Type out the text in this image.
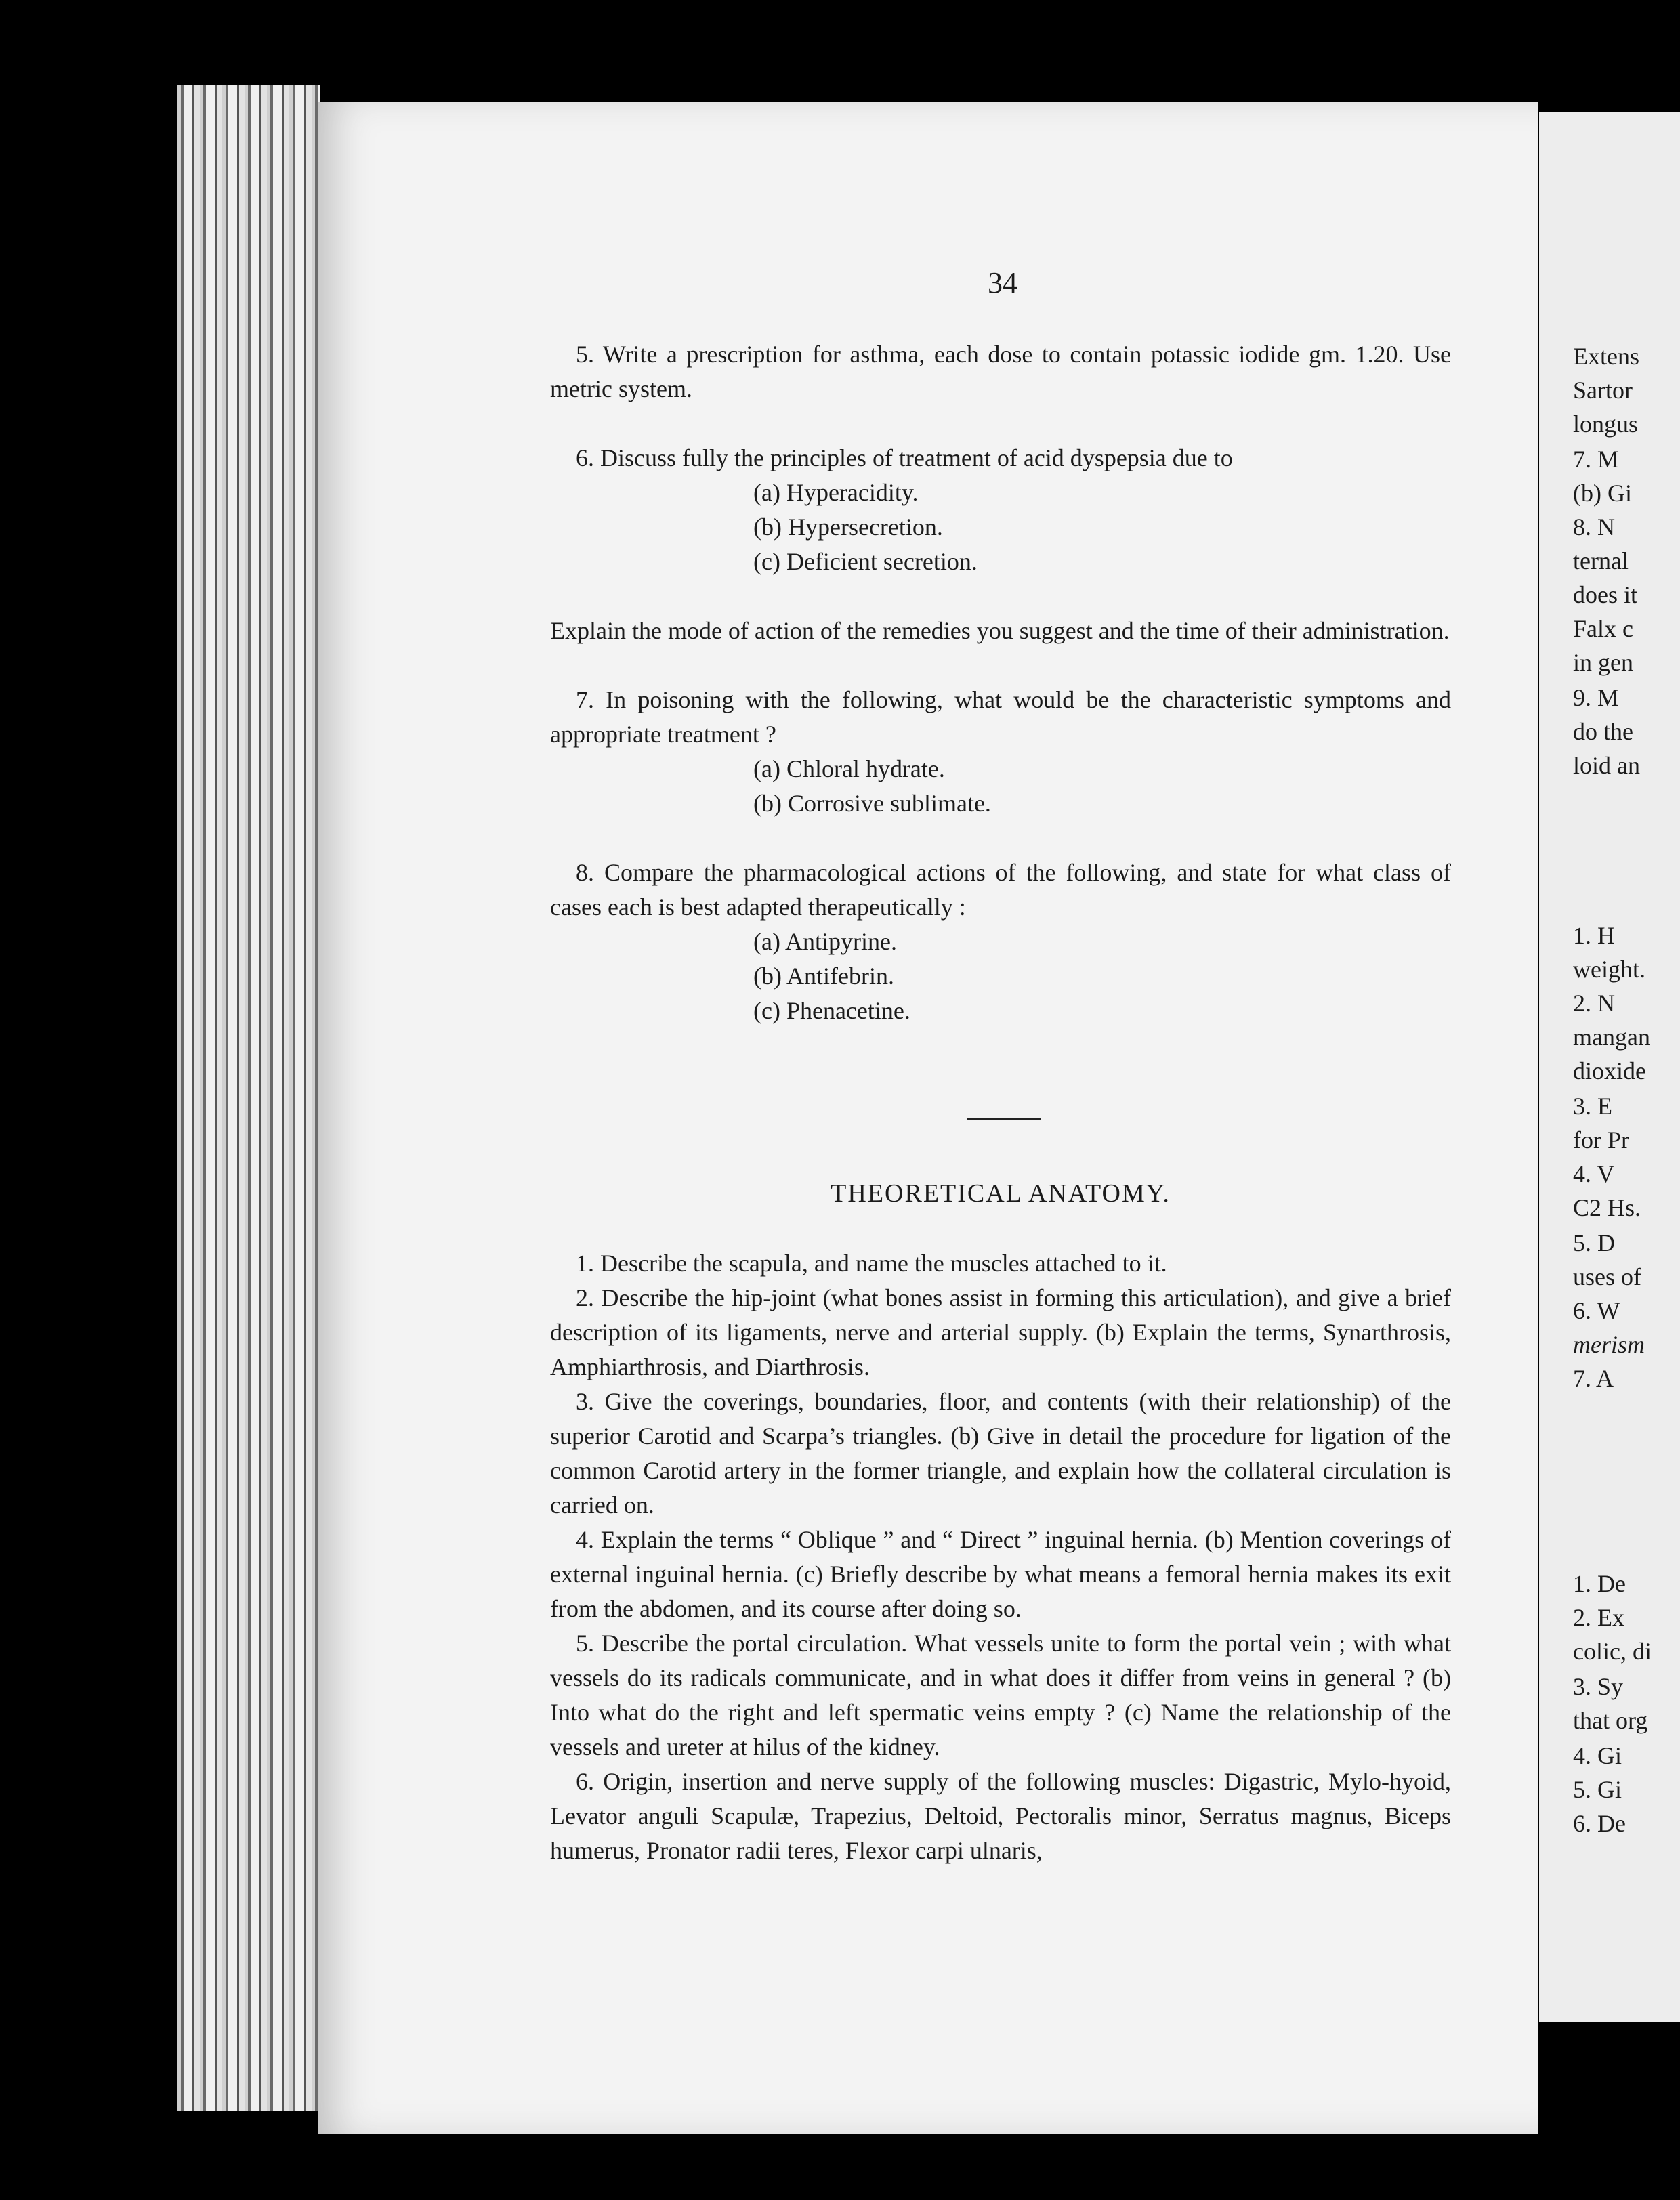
34

5. Write a prescription for asthma, each dose to contain potassic iodide gm. 1.20. Use metric system.

6. Discuss fully the principles of treatment of acid dyspepsia due to

(a) Hyperacidity.
(b) Hypersecretion.
(c) Deficient secretion.

Explain the mode of action of the remedies you suggest and the time of their administration.

7. In poisoning with the following, what would be the characteristic symptoms and appropriate treatment ?

(a) Chloral hydrate.
(b) Corrosive sublimate.

8. Compare the pharmacological actions of the following, and state for what class of cases each is best adapted therapeutically :

(a) Antipyrine.
(b) Antifebrin.
(c) Phenacetine.
THEORETICAL ANATOMY.

1. Describe the scapula, and name the muscles attached to it.

2. Describe the hip-joint (what bones assist in forming this articulation), and give a brief description of its ligaments, nerve and arterial supply. (b) Explain the terms, Synarthrosis, Amphiarthrosis, and Diarthrosis.

3. Give the coverings, boundaries, floor, and contents (with their relationship) of the superior Carotid and Scarpa’s triangles. (b) Give in detail the procedure for ligation of the common Carotid artery in the former triangle, and explain how the collateral circulation is carried on.

4. Explain the terms “ Oblique ” and “ Direct ” inguinal hernia. (b) Mention coverings of external inguinal hernia. (c) Briefly describe by what means a femoral hernia makes its exit from the abdomen, and its course after doing so.

5. Describe the portal circulation. What vessels unite to form the portal vein ; with what vessels do its radicals communicate, and in what does it differ from veins in general ? (b) Into what do the right and left spermatic veins empty ? (c) Name the relationship of the vessels and ureter at hilus of the kidney.

6. Origin, insertion and nerve supply of the following muscles: Digastric, Mylo-hyoid, Levator anguli Scapulæ, Trapezius, Deltoid, Pectoralis minor, Serratus magnus, Biceps humerus, Pronator radii teres, Flexor carpi ulnaris,

Extens
Sartor
longus
7. M
(b) Gi
8. N
ternal
does it
Falx c
in gen
9. M
do the
loid an
1. H
weight.
2. N
mangan
dioxide
3. E
for Pr
4. V
C2 Hs.
5. D
uses of
6. W
merism
7. A
1. De
2. Ex
colic, di
3. Sy
that org
4. Gi
5. Gi
6. De
